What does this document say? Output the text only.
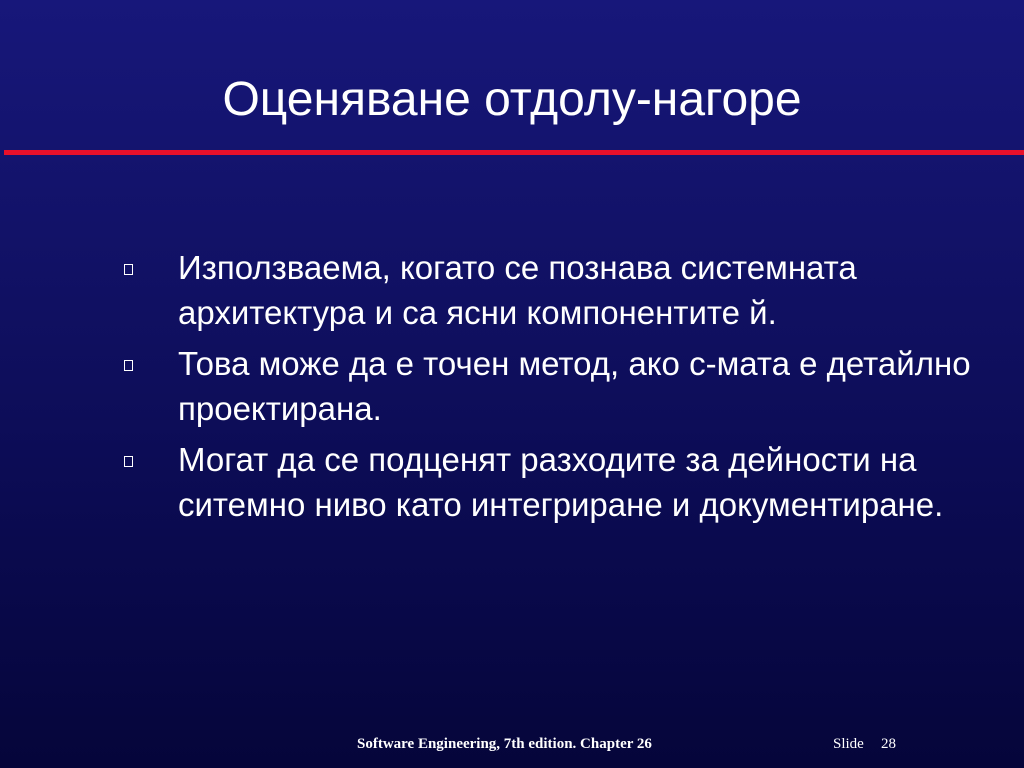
Оценяване отдолу-нагоре
Използваема, когато се познава системната архитектура и са ясни компонентите й.
Това може да е точен метод, ако с-мата е детайлно проектирана.
Могат да се подценят разходите за дейности на ситемно ниво като интегриране и документиране.
Software Engineering, 7th edition. Chapter 26	Slide 28
